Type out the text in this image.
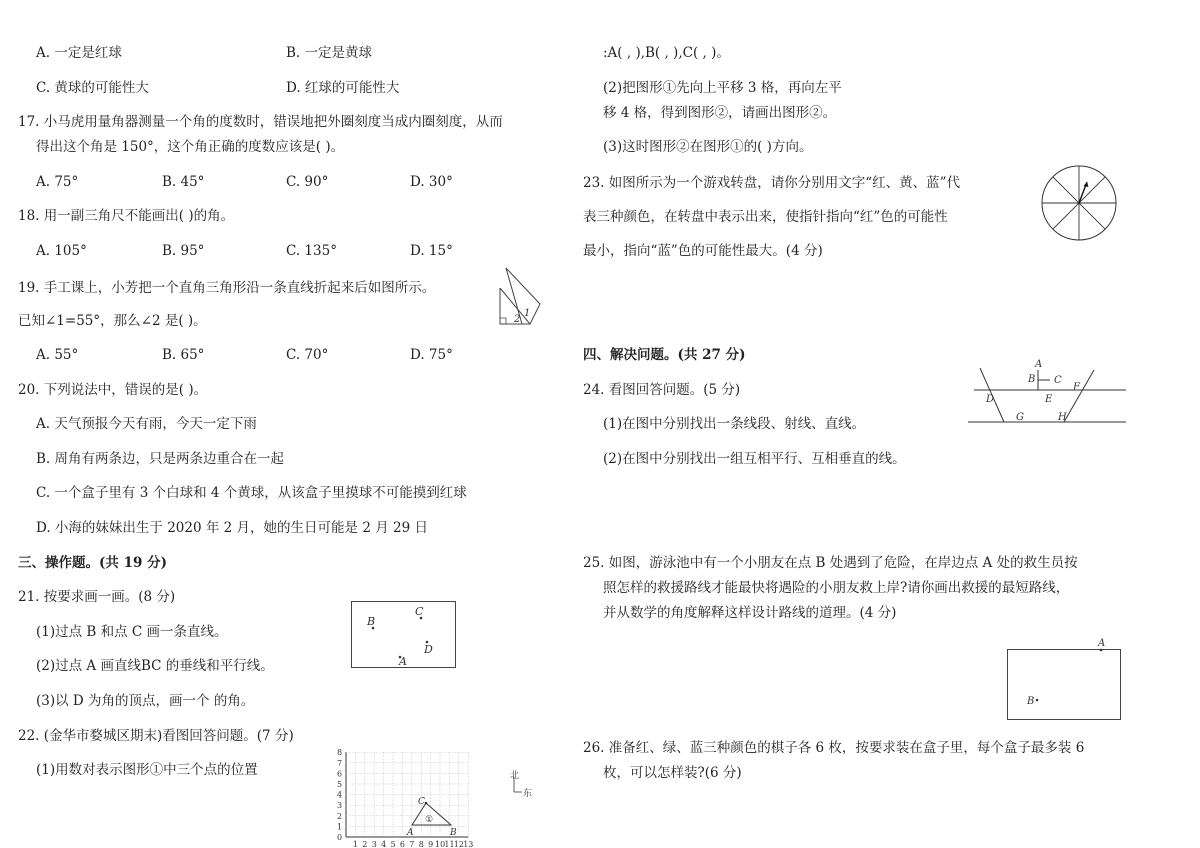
A. 一定是红球	B. 一定是黄球
C. 黄球的可能性大	D. 红球的可能性大
17. 小马虎用量角器测量一个角的度数时，错误地把外圈刻度当成内圈刻度，从而
得出这个角是 150°，这个角正确的度数应该是( )。
A. 75°	B. 45°	C. 90°	D. 30°
18. 用一副三角尺不能画出( )的角。
A. 105°	B. 95°	C. 135°	D. 15°
19. 手工课上，小芳把一个直角三角形沿一条直线折起来后如图所示。
已知∠1=55°，那么∠2 是( )。
A. 55°	B. 65°	C. 70°	D. 75°
2
1
20. 下列说法中，错误的是( )。
A. 天气预报今天有雨，今天一定下雨
B. 周角有两条边，只是两条边重合在一起
C. 一个盒子里有 3 个白球和 4 个黄球，从该盒子里摸球不可能摸到红球
D. 小海的妹妹出生于 2020 年 2 月，她的生日可能是 2 月 29 日
三、操作题。(共 19 分)
21. 按要求画一画。(8 分)
(1)过点 B 和点 C 画一条直线。
(2)过点 A 画直线BC 的垂线和平行线。
(3)以 D 为角的顶点，画一个 的角。
B
C
D
A
22. (金华市婺城区期末)看图回答问题。(7 分)
(1)用数对表示图形①中三个点的位置
8
7
6
5
4
3
2
1
0
1 2 3 4 5 6 7 8 9 10 11 12 13
C
A	B
①
北
东
:A( , ),B( , ),C( , )。
(2)把图形①先向上平移 3 格，再向左平
移 4 格，得到图形②，请画出图形②。
(3)这时图形②在图形①的( )方向。
23. 如图所示为一个游戏转盘，请你分别用文字“红、黄、蓝”代
表三种颜色，在转盘中表示出来，使指针指向“红”色的可能性
最小，指向“蓝”色的可能性最大。(4 分)
四、解决问题。(共 27 分)
24. 看图回答问题。(5 分)
(1)在图中分别找出一条线段、射线、直线。
(2)在图中分别找出一组互相平行、互相垂直的线。
A
B C
D	E
F
G	H
25. 如图，游泳池中有一个小朋友在点 B 处遇到了危险，在岸边点 A 处的救生员按
照怎样的救援路线才能最快将遇险的小朋友救上岸?请你画出救援的最短路线，
并从数学的角度解释这样设计路线的道理。(4 分)
A
B
26. 准备红、绿、蓝三种颜色的棋子各 6 枚，按要求装在盒子里，每个盒子最多装 6
枚，可以怎样装?(6 分)
